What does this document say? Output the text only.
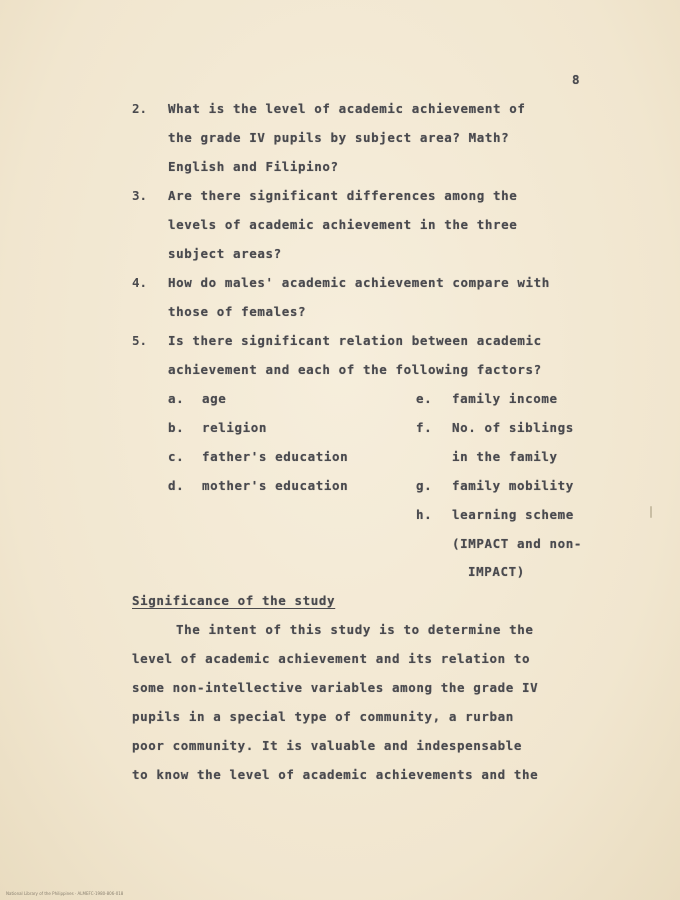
8
2. What is the level of academic achievement of
the grade IV pupils by subject area? Math?
English and Filipino?
3. Are there significant differences among the
levels of academic achievement in the three
subject areas?
4. How do males' academic achievement compare with
those of females?
5. Is there significant relation between academic
achievement and each of the following factors?
a. age
b. religion
c. father's education
d. mother's education
e. family income
f. No. of siblings
in the family
g. family mobility
h. learning scheme
(IMPACT and non-
IMPACT)
Significance of the study
The intent of this study is to determine the
level of academic achievement and its relation to
some non-intellective variables among the grade IV
pupils in a special type of community, a rurban
poor community. It is valuable and indespensable
to know the level of academic achievements and the
National Library of the Philippines · ALMEFC-1980-806-018
